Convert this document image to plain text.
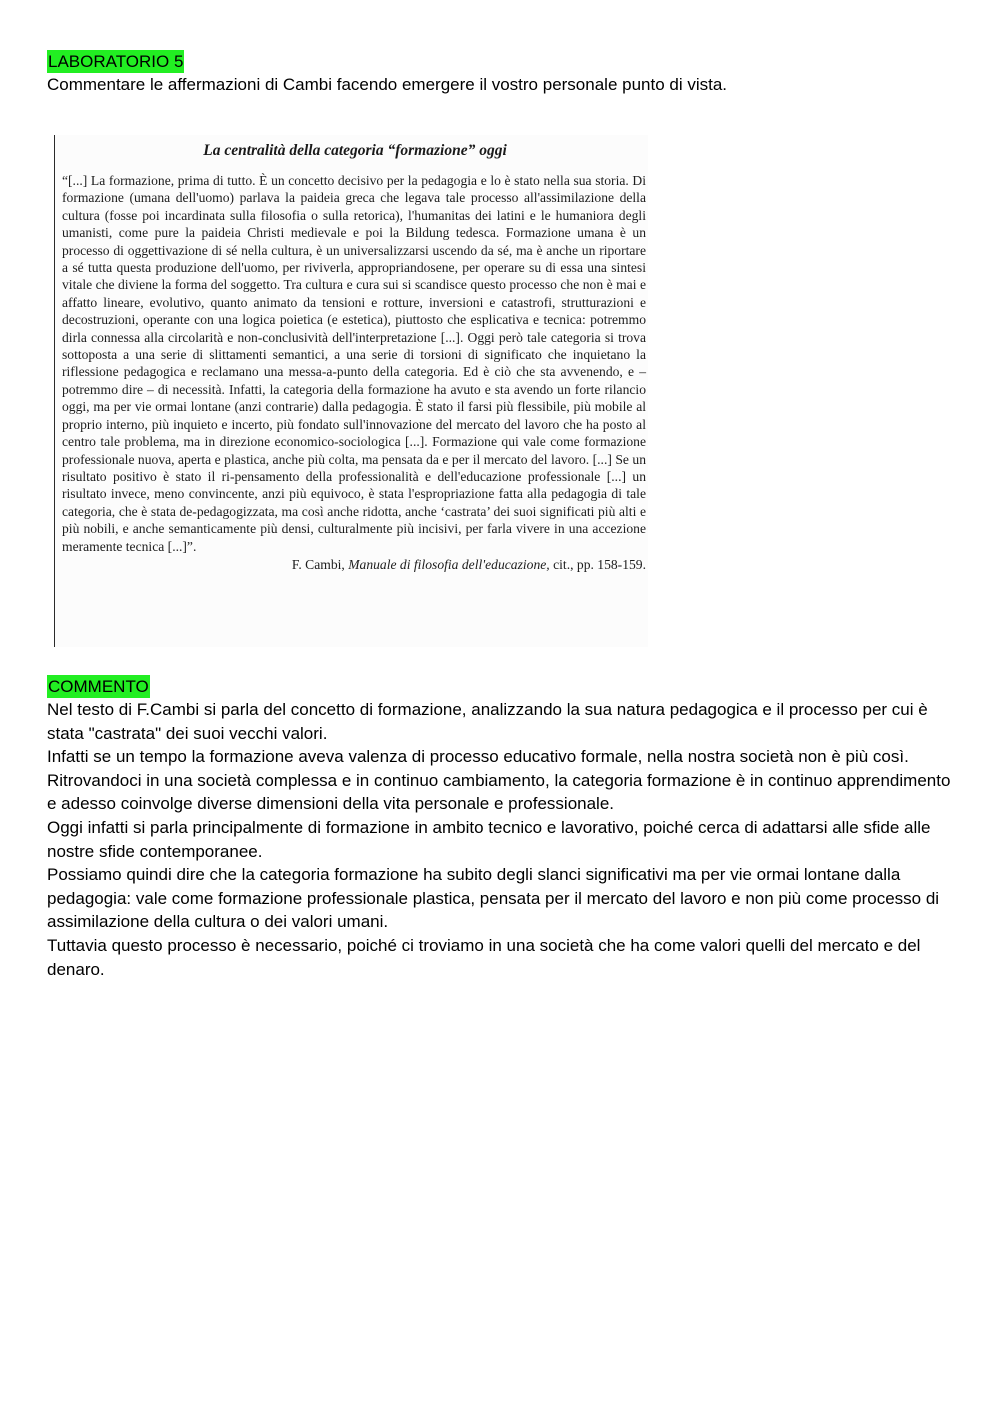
LABORATORIO 5

Commentare le affermazioni di Cambi facendo emergere il vostro personale punto di vista.

La centralità della categoria “formazione” oggi

“[...] La formazione, prima di tutto. È un concetto decisivo per la pedagogia e lo è stato nella sua storia. Di formazione (umana dell'uomo) parlava la paideia greca che legava tale processo all'assimilazione della cultura (fosse poi incardinata sulla filosofia o sulla retorica), l'humanitas dei latini e le humaniora degli umanisti, come pure la paideia Christi medievale e poi la Bildung tedesca. Formazione umana è un processo di oggettivazione di sé nella cultura, è un universalizzarsi uscendo da sé, ma è anche un riportare a sé tutta questa produzione dell'uomo, per riviverla, appropriandosene, per operare su di essa una sintesi vitale che diviene la forma del soggetto. Tra cultura e cura sui si scandisce questo processo che non è mai e affatto lineare, evolutivo, quanto animato da tensioni e rotture, inversioni e catastrofi, strutturazioni e decostruzioni, operante con una logica poietica (e estetica), piuttosto che esplicativa e tecnica: potremmo dirla connessa alla circolarità e non-conclusività dell'interpretazione [...]. Oggi però tale categoria si trova sottoposta a una serie di slittamenti semantici, a una serie di torsioni di significato che inquietano la riflessione pedagogica e reclamano una messa-a-punto della categoria. Ed è ciò che sta avvenendo, e – potremmo dire – di necessità. Infatti, la categoria della formazione ha avuto e sta avendo un forte rilancio oggi, ma per vie ormai lontane (anzi contrarie) dalla pedagogia. È stato il farsi più flessibile, più mobile al proprio interno, più inquieto e incerto, più fondato sull'innovazione del mercato del lavoro che ha posto al centro tale problema, ma in direzione economico-sociologica [...]. Formazione qui vale come formazione professionale nuova, aperta e plastica, anche più colta, ma pensata da e per il mercato del lavoro. [...] Se un risultato positivo è stato il ri-pensamento della professionalità e dell'educazione professionale [...] un risultato invece, meno convincente, anzi più equivoco, è stata l'espropriazione fatta alla pedagogia di tale categoria, che è stata de-pedagogizzata, ma così anche ridotta, anche ‘castrata’ dei suoi significati più alti e più nobili, e anche semanticamente più densi, culturalmente più incisivi, per farla vivere in una accezione meramente tecnica [...]”.

F. Cambi, Manuale di filosofia dell'educazione, cit., pp. 158-159.

COMMENTO

Nel testo di F.Cambi si parla del concetto di formazione, analizzando la sua natura pedagogica e il processo per cui è stata "castrata" dei suoi vecchi valori.

Infatti se un tempo la formazione aveva valenza di processo educativo formale, nella nostra società non è più così.

Ritrovandoci in una società complessa e in continuo cambiamento, la categoria formazione è in continuo apprendimento e adesso coinvolge diverse dimensioni della vita personale e professionale.

Oggi infatti si parla principalmente di formazione in ambito tecnico e lavorativo, poiché cerca di adattarsi alle sfide alle nostre sfide contemporanee.

Possiamo quindi dire che la categoria formazione ha subito degli slanci significativi ma per vie ormai lontane dalla pedagogia: vale come formazione professionale plastica, pensata per il mercato del lavoro e non più come processo di assimilazione della cultura o dei valori umani.

Tuttavia questo processo è necessario, poiché ci troviamo in una società che ha come valori quelli del mercato e del denaro.
